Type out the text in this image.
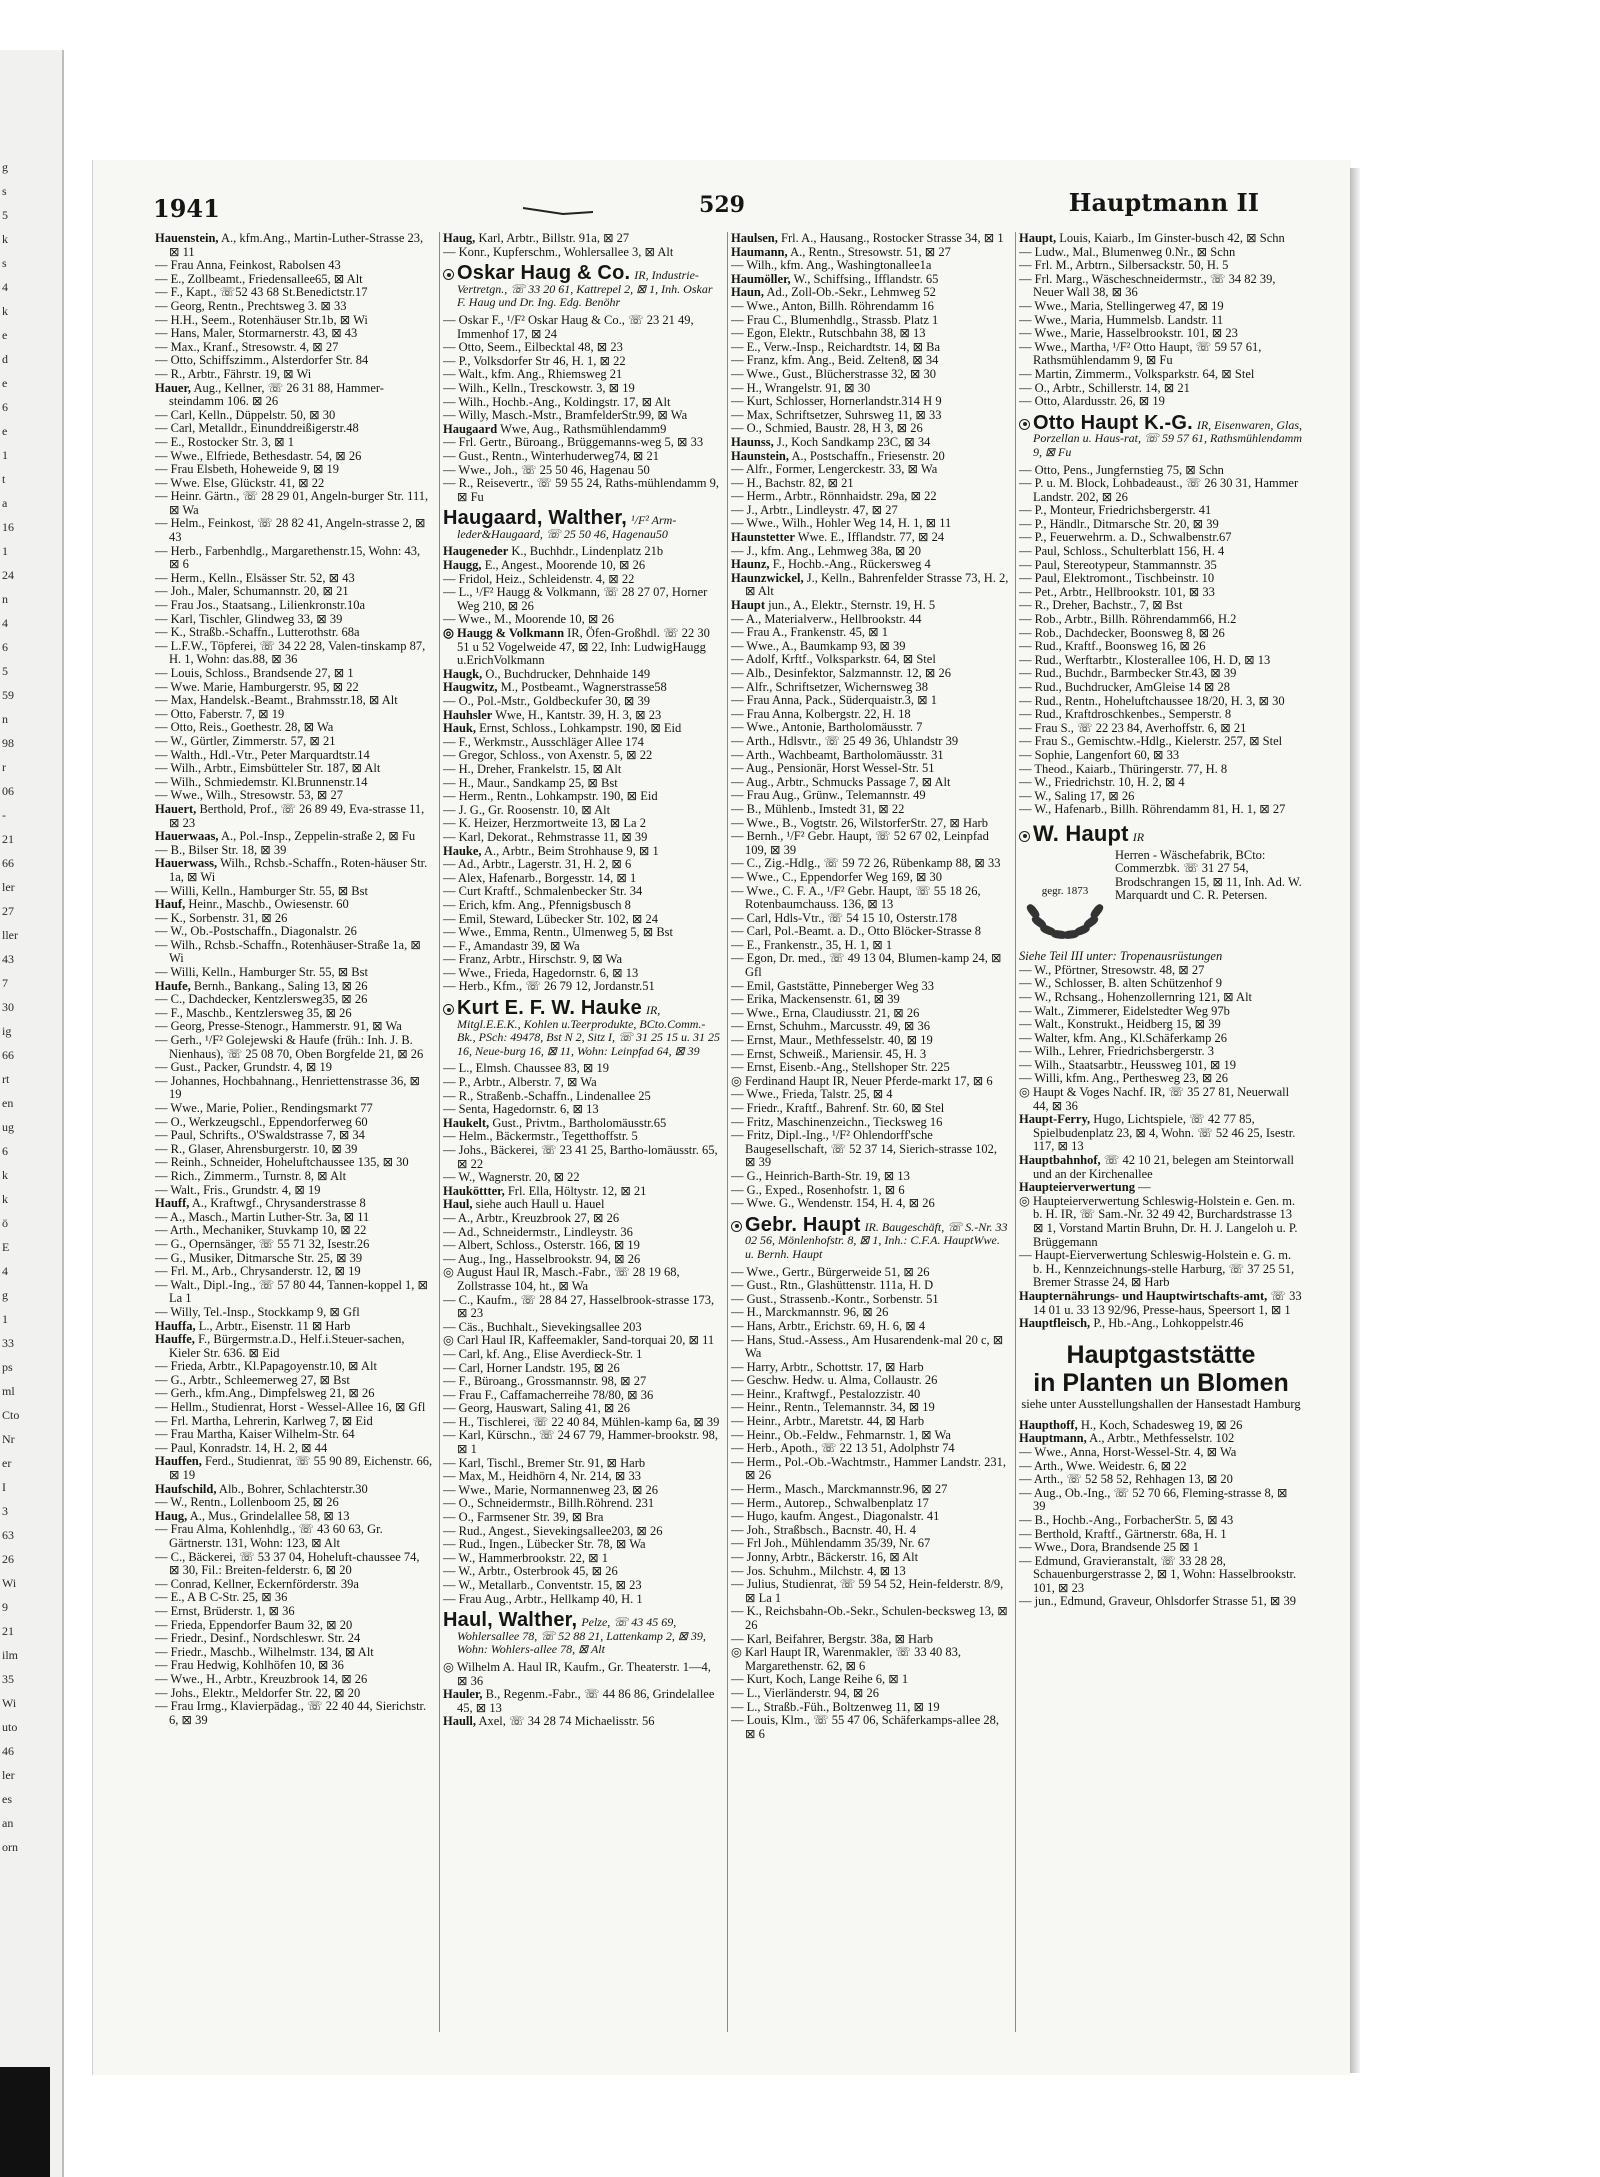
g
s
5
k
s
4
k
e
d
e
6
e
1
t
a
16
1
24
n
4
6
5
59
n
98
r
06
-
21
66
ler
27
ller
43
7
30
ig
66
rt
en
ug
6
k
k
ö
E
4
g
1
33
ps
ml
Cto
Nr
er
I
3
63
26
Wi
9
21
ilm
35
Wi
uto
46
ler
es
an
orn
1941	529	Hauptmann II

Hauenstein, A., kfm.Ang., Martin-Luther-Strasse 23, ⊠ 11

— Frau Anna, Feinkost, Rabolsen 43

— E., Zollbeamt., Friedensallee65, ⊠ Alt

— F., Kapt., ☏52 43 68 St.Benedictstr.17

— Georg, Rentn., Prechtsweg 3. ⊠ 33

— H.H., Seem., Rotenhäuser Str.1b, ⊠ Wi

— Hans, Maler, Stormarnerstr. 43, ⊠ 43

— Max., Kranf., Stresowstr. 4, ⊠ 27

— Otto, Schiffszimm., Alsterdorfer Str. 84

— R., Arbtr., Fährstr. 19, ⊠ Wi

Hauer, Aug., Kellner, ☏ 26 31 88, Hammer-steindamm 106. ⊠ 26

— Carl, Kelln., Düppelstr. 50, ⊠ 30

— Carl, Metalldr., Einunddreißigerstr.48

— E., Rostocker Str. 3, ⊠ 1

— Wwe., Elfriede, Bethesdastr. 54, ⊠ 26

— Frau Elsbeth, Hoheweide 9, ⊠ 19

— Wwe. Else, Glückstr. 41, ⊠ 22

— Heinr. Gärtn., ☏ 28 29 01, Angeln-burger Str. 111, ⊠ Wa

— Helm., Feinkost, ☏ 28 82 41, Angeln-strasse 2, ⊠ 43

— Herb., Farbenhdlg., Margarethenstr.15, Wohn: 43, ⊠ 6

— Herm., Kelln., Elsässer Str. 52, ⊠ 43

— Joh., Maler, Schumannstr. 20, ⊠ 21

— Frau Jos., Staatsang., Lilienkronstr.10a

— Karl, Tischler, Glindweg 33, ⊠ 39

— K., Straßb.-Schaffn., Lutterothstr. 68a

— L.F.W., Töpferei, ☏ 34 22 28, Valen-tinskamp 87, H. 1, Wohn: das.88, ⊠ 36

— Louis, Schloss., Brandsende 27, ⊠ 1

— Wwe. Marie, Hamburgerstr. 95, ⊠ 22

— Max, Handelsk.-Beamt., Brahmsstr.18, ⊠ Alt

— Otto, Faberstr. 7, ⊠ 19

— Otto, Reis., Goethestr. 28, ⊠ Wa

— W., Gürtler, Zimmerstr. 57, ⊠ 21

— Walth., Hdl.-Vtr., Peter Marquardtstr.14

— Wilh., Arbtr., Eimsbütteler Str. 187, ⊠ Alt

— Wilh., Schmiedemstr. Kl.Brunnenstr.14

— Wwe., Wilh., Stresowstr. 53, ⊠ 27

Hauert, Berthold, Prof., ☏ 26 89 49, Eva-strasse 11, ⊠ 23

Hauerwaas, A., Pol.-Insp., Zeppelin-straße 2, ⊠ Fu

— B., Bilser Str. 18, ⊠ 39

Hauerwass, Wilh., Rchsb.-Schaffn., Roten-häuser Str. 1a, ⊠ Wi

— Willi, Kelln., Hamburger Str. 55, ⊠ Bst

Hauf, Heinr., Maschb., Owiesenstr. 60

— K., Sorbenstr. 31, ⊠ 26

— W., Ob.-Postschaffn., Diagonalstr. 26

— Wilh., Rchsb.-Schaffn., Rotenhäuser-Straße 1a, ⊠ Wi

— Willi, Kelln., Hamburger Str. 55, ⊠ Bst

Haufe, Bernh., Bankang., Saling 13, ⊠ 26

— C., Dachdecker, Kentzlersweg35, ⊠ 26

— F., Maschb., Kentzlersweg 35, ⊠ 26

— Georg, Presse-Stenogr., Hammerstr. 91, ⊠ Wa

— Gerh., ¹/F² Golejewski & Haufe (früh.: Inh. J. B. Nienhaus), ☏ 25 08 70, Oben Borgfelde 21, ⊠ 26

— Gust., Packer, Grundstr. 4, ⊠ 19

— Johannes, Hochbahnang., Henriettenstrasse 36, ⊠ 19

— Wwe., Marie, Polier., Rendingsmarkt 77

— O., Werkzeugschl., Eppendorferweg 60

— Paul, Schrifts., O'Swaldstrasse 7, ⊠ 34

— R., Glaser, Ahrensburgerstr. 10, ⊠ 39

— Reinh., Schneider, Hoheluftchaussee 135, ⊠ 30

— Rich., Zimmerm., Turnstr. 8, ⊠ Alt

— Walt., Fris., Grundstr. 4, ⊠ 19

Hauff, A., Kraftwgf., Chrysanderstrasse 8

— A., Masch., Martin Luther-Str. 3a, ⊠ 11

— Arth., Mechaniker, Stuvkamp 10, ⊠ 22

— G., Opernsänger, ☏ 55 71 32, Isestr.26

— G., Musiker, Ditmarsche Str. 25, ⊠ 39

— Frl. M., Arb., Chrysanderstr. 12, ⊠ 19

— Walt., Dipl.-Ing., ☏ 57 80 44, Tannen-koppel 1, ⊠ La 1

— Willy, Tel.-Insp., Stockkamp 9, ⊠ Gfl

Hauffa, L., Arbtr., Eisenstr. 11 ⊠ Harb

Hauffe, F., Bürgermstr.a.D., Helf.i.Steuer-sachen, Kieler Str. 636. ⊠ Eid

— Frieda, Arbtr., Kl.Papagoyenstr.10, ⊠ Alt

— G., Arbtr., Schleemerweg 27, ⊠ Bst

— Gerh., kfm.Ang., Dimpfelsweg 21, ⊠ 26

— Hellm., Studienrat, Horst - Wessel-Allee 16, ⊠ Gfl

— Frl. Martha, Lehrerin, Karlweg 7, ⊠ Eid

— Frau Martha, Kaiser Wilhelm-Str. 64

— Paul, Konradstr. 14, H. 2, ⊠ 44

Hauffen, Ferd., Studienrat, ☏ 55 90 89, Eichenstr. 66, ⊠ 19

Haufschild, Alb., Bohrer, Schlachterstr.30

— W., Rentn., Lollenboom 25, ⊠ 26

Haug, A., Mus., Grindelallee 58, ⊠ 13

— Frau Alma, Kohlenhdlg., ☏ 43 60 63, Gr. Gärtnerstr. 131, Wohn: 123, ⊠ Alt

— C., Bäckerei, ☏ 53 37 04, Hoheluft-chaussee 74, ⊠ 30, Fil.: Breiten-felderstr. 6, ⊠ 20

— Conrad, Kellner, Eckernförderstr. 39a

— E., A B C-Str. 25, ⊠ 36

— Ernst, Brüderstr. 1, ⊠ 36

— Frieda, Eppendorfer Baum 32, ⊠ 20

— Friedr., Desinf., Nordschleswr. Str. 24

— Friedr., Maschb., Wilhelmstr. 134, ⊠ Alt

— Frau Hedwig, Kohlhöfen 10, ⊠ 36

— Wwe., H., Arbtr., Kreuzbrook 14, ⊠ 26

— Johs., Elektr., Meldorfer Str. 22, ⊠ 20

— Frau Irmg., Klavierpädag., ☏ 22 40 44, Sierichstr. 6, ⊠ 39

Haug, Karl, Arbtr., Billstr. 91a, ⊠ 27

— Konr., Kupferschm., Wohlersallee 3, ⊠ Alt

Oskar Haug & Co. IR, Industrie-Vertretgn., ☏ 33 20 61, Kattrepel 2, ⊠ 1, Inh. Oskar F. Haug und Dr. Ing. Edg. Benöhr

— Oskar F., ¹/F² Oskar Haug & Co., ☏ 23 21 49, Immenhof 17, ⊠ 24

— Otto, Seem., Eilbecktal 48, ⊠ 23

— P., Volksdorfer Str 46, H. 1, ⊠ 22

— Walt., kfm. Ang., Rhiemsweg 21

— Wilh., Kelln., Tresckowstr. 3, ⊠ 19

— Wilh., Hochb.-Ang., Koldingstr. 17, ⊠ Alt

— Willy, Masch.-Mstr., BramfelderStr.99, ⊠ Wa

Haugaard Wwe, Aug., Rathsmühlendamm9

— Frl. Gertr., Büroang., Brüggemanns-weg 5, ⊠ 33

— Gust., Rentn., Winterhuderweg74, ⊠ 21

— Wwe., Joh., ☏ 25 50 46, Hagenau 50

— R., Reisevertr., ☏ 59 55 24, Raths-mühlendamm 9, ⊠ Fu

Haugaard, Walther, ¹/F² Arm-leder&Haugaard, ☏ 25 50 46, Hagenau50

Haugeneder K., Buchhdr., Lindenplatz 21b

Haugg, E., Angest., Moorende 10, ⊠ 26

— Fridol, Heiz., Schleidenstr. 4, ⊠ 22

— L., ¹/F² Haugg & Volkmann, ☏ 28 27 07, Horner Weg 210, ⊠ 26

— Wwe., M., Moorende 10, ⊠ 26

◎ Haugg & Volkmann IR, Öfen-Großhdl. ☏ 22 30 51 u 52 Vogelweide 47, ⊠ 22, Inh: LudwigHaugg u.ErichVolkmann

Haugk, O., Buchdrucker, Dehnhaide 149

Haugwitz, M., Postbeamt., Wagnerstrasse58

— O., Pol.-Mstr., Goldbeckufer 30, ⊠ 39

Hauhsler Wwe, H., Kantstr. 39, H. 3, ⊠ 23

Hauk, Ernst, Schloss., Lohkampstr. 190, ⊠ Eid

— F., Werkmstr., Ausschläger Allee 174

— Gregor, Schloss., von Axenstr. 5, ⊠ 22

— H., Dreher, Frankelstr. 15, ⊠ Alt

— H., Maur., Sandkamp 25, ⊠ Bst

— Herm., Rentn., Lohkampstr. 190, ⊠ Eid

— J. G., Gr. Roosenstr. 10, ⊠ Alt

— K. Heizer, Herzmortweite 13, ⊠ La 2

— Karl, Dekorat., Rehmstrasse 11, ⊠ 39

Hauke, A., Arbtr., Beim Strohhause 9, ⊠ 1

— Ad., Arbtr., Lagerstr. 31, H. 2, ⊠ 6

— Alex, Hafenarb., Borgesstr. 14, ⊠ 1

— Curt Kraftf., Schmalenbecker Str. 34

— Erich, kfm. Ang., Pfennigsbusch 8

— Emil, Steward, Lübecker Str. 102, ⊠ 24

— Wwe., Emma, Rentn., Ulmenweg 5, ⊠ Bst

— F., Amandastr 39, ⊠ Wa

— Franz, Arbtr., Hirschstr. 9, ⊠ Wa

— Wwe., Frieda, Hagedornstr. 6, ⊠ 13

— Herb., Kfm., ☏ 26 79 12, Jordanstr.51

Kurt E. F. W. Hauke IR, Mitgl.E.E.K., Kohlen u.Teerprodukte, BCto.Comm.-Bk., PSch: 49478, Bst N 2, Sitz I, ☏ 31 25 15 u. 31 25 16, Neue-burg 16, ⊠ 11, Wohn: Leinpfad 64, ⊠ 39

— L., Elmsh. Chaussee 83, ⊠ 19

— P., Arbtr., Alberstr. 7, ⊠ Wa

— R., Straßenb.-Schaffn., Lindenallee 25

— Senta, Hagedornstr. 6, ⊠ 13

Haukelt, Gust., Privtm., Bartholomäusstr.65

— Helm., Bäckermstr., Tegetthoffstr. 5

— Johs., Bäckerei, ☏ 23 41 25, Bartho-lomäusstr. 65, ⊠ 22

— W., Wagnerstr. 20, ⊠ 22

Hauköttter, Frl. Ella, Höltystr. 12, ⊠ 21

Haul, siehe auch Haull u. Hauel

— A., Arbtr., Kreuzbrook 27, ⊠ 26

— Ad., Schneidermstr., Lindleystr. 36

— Albert, Schloss., Osterstr. 166, ⊠ 19

— Aug., Ing., Hasselbrookstr. 94, ⊠ 26

◎ August Haul IR, Masch.-Fabr., ☏ 28 19 68, Zollstrasse 104, ht., ⊠ Wa

— C., Kaufm., ☏ 28 84 27, Hasselbrook-strasse 173, ⊠ 23

— Cäs., Buchhalt., Sievekingsallee 203

◎ Carl Haul IR, Kaffeemakler, Sand-torquai 20, ⊠ 11

— Carl, kf. Ang., Elise Averdieck-Str. 1

— Carl, Horner Landstr. 195, ⊠ 26

— F., Büroang., Grossmannstr. 98, ⊠ 27

— Frau F., Caffamacherreihe 78/80, ⊠ 36

— Georg, Hauswart, Saling 41, ⊠ 26

— H., Tischlerei, ☏ 22 40 84, Mühlen-kamp 6a, ⊠ 39

— Karl, Kürschn., ☏ 24 67 79, Hammer-brookstr. 98, ⊠ 1

— Karl, Tischl., Bremer Str. 91, ⊠ Harb

— Max, M., Heidhörn 4, Nr. 214, ⊠ 33

— Wwe., Marie, Normannenweg 23, ⊠ 26

— O., Schneidermstr., Billh.Röhrend. 231

— O., Farmsener Str. 39, ⊠ Bra

— Rud., Angest., Sievekingsallee203, ⊠ 26

— Rud., Ingen., Lübecker Str. 78, ⊠ Wa

— W., Hammerbrookstr. 22, ⊠ 1

— W., Arbtr., Osterbrook 45, ⊠ 26

— W., Metallarb., Conventstr. 15, ⊠ 23

— Frau Aug., Arbtr., Hellkamp 40, H. 1

Haul, Walther, Pelze, ☏ 43 45 69, Wohlersallee 78, ☏ 52 88 21, Lattenkamp 2, ⊠ 39, Wohn: Wohlers-allee 78, ⊠ Alt

◎ Wilhelm A. Haul IR, Kaufm., Gr. Theaterstr. 1—4, ⊠ 36

Hauler, B., Regenm.-Fabr., ☏ 44 86 86, Grindelallee 45, ⊠ 13

Haull, Axel, ☏ 34 28 74 Michaelisstr. 56

Haulsen, Frl. A., Hausang., Rostocker Strasse 34, ⊠ 1

Haumann, A., Rentn., Stresowstr. 51, ⊠ 27

— Wilh., kfm. Ang., Washingtonallee1a

Haumöller, W., Schiffsing., Ifflandstr. 65

Haun, Ad., Zoll-Ob.-Sekr., Lehmweg 52

— Wwe., Anton, Billh. Röhrendamm 16

— Frau C., Blumenhdlg., Strassb. Platz 1

— Egon, Elektr., Rutschbahn 38, ⊠ 13

— E., Verw.-Insp., Reichardtstr. 14, ⊠ Ba

— Franz, kfm. Ang., Beid. Zelten8, ⊠ 34

— Wwe., Gust., Blücherstrasse 32, ⊠ 30

— H., Wrangelstr. 91, ⊠ 30

— Kurt, Schlosser, Hornerlandstr.314 H 9

— Max, Schriftsetzer, Suhrsweg 11, ⊠ 33

— O., Schmied, Baustr. 28, H 3, ⊠ 26

Haunss, J., Koch Sandkamp 23C, ⊠ 34

Haunstein, A., Postschaffn., Friesenstr. 20

— Alfr., Former, Lengerckestr. 33, ⊠ Wa

— H., Bachstr. 82, ⊠ 21

— Herm., Arbtr., Rönnhaidstr. 29a, ⊠ 22

— J., Arbtr., Lindleystr. 47, ⊠ 27

— Wwe., Wilh., Hohler Weg 14, H. 1, ⊠ 11

Haunstetter Wwe. E., Ifflandstr. 77, ⊠ 24

— J., kfm. Ang., Lehmweg 38a, ⊠ 20

Haunz, F., Hochb.-Ang., Rückersweg 4

Haunzwickel, J., Kelln., Bahrenfelder Strasse 73, H. 2, ⊠ Alt

Haupt jun., A., Elektr., Sternstr. 19, H. 5

— A., Materialverw., Hellbrookstr. 44

— Frau A., Frankenstr. 45, ⊠ 1

— Wwe., A., Baumkamp 93, ⊠ 39

— Adolf, Krftf., Volksparkstr. 64, ⊠ Stel

— Alb., Desinfektor, Salzmannstr. 12, ⊠ 26

— Alfr., Schriftsetzer, Wichernsweg 38

— Frau Anna, Pack., Süderquaistr.3, ⊠ 1

— Frau Anna, Kolbergstr. 22, H. 18

— Wwe., Antonie, Bartholomäusstr. 7

— Arth., Hdlsvtr., ☏ 25 49 36, Uhlandstr 39

— Arth., Wachbeamt, Bartholomäusstr. 31

— Aug., Pensionär, Horst Wessel-Str. 51

— Aug., Arbtr., Schmucks Passage 7, ⊠ Alt

— Frau Aug., Grünw., Telemannstr. 49

— B., Mühlenb., Imstedt 31, ⊠ 22

— Wwe., B., Vogtstr. 26, WilstorferStr. 27, ⊠ Harb

— Bernh., ¹/F² Gebr. Haupt, ☏ 52 67 02, Leinpfad 109, ⊠ 39

— C., Zig.-Hdlg., ☏ 59 72 26, Rübenkamp 88, ⊠ 33

— Wwe., C., Eppendorfer Weg 169, ⊠ 30

— Wwe., C. F. A., ¹/F² Gebr. Haupt, ☏ 55 18 26, Rotenbaumchauss. 136, ⊠ 13

— Carl, Hdls-Vtr., ☏ 54 15 10, Osterstr.178

— Carl, Pol.-Beamt. a. D., Otto Blöcker-Strasse 8

— E., Frankenstr., 35, H. 1, ⊠ 1

— Egon, Dr. med., ☏ 49 13 04, Blumen-kamp 24, ⊠ Gfl

— Emil, Gaststätte, Pinneberger Weg 33

— Erika, Mackensenstr. 61, ⊠ 39

— Wwe., Erna, Claudiusstr. 21, ⊠ 26

— Ernst, Schuhm., Marcusstr. 49, ⊠ 36

— Ernst, Maur., Methfesselstr. 40, ⊠ 19

— Ernst, Schweiß., Mariensir. 45, H. 3

— Ernst, Eisenb.-Ang., Stellshoper Str. 225

◎ Ferdinand Haupt IR, Neuer Pferde-markt 17, ⊠ 6

— Wwe., Frieda, Talstr. 25, ⊠ 4

— Friedr., Kraftf., Bahrenf. Str. 60, ⊠ Stel

— Fritz, Maschinenzeichn., Tiecksweg 16

— Fritz, Dipl.-Ing., ¹/F² Ohlendorff'sche Baugesellschaft, ☏ 52 37 14, Sierich-strasse 102, ⊠ 39

— G., Heinrich-Barth-Str. 19, ⊠ 13

— G., Exped., Rosenhofstr. 1, ⊠ 6

— Wwe. G., Wendenstr. 154, H. 4, ⊠ 26

Gebr. Haupt IR. Baugeschäft, ☏ S.-Nr. 33 02 56, Mönlenhofstr. 8, ⊠ 1, Inh.: C.F.A. HauptWwe. u. Bernh. Haupt

— Wwe., Gertr., Bürgerweide 51, ⊠ 26

— Gust., Rtn., Glashüttenstr. 111a, H. D

— Gust., Strassenb.-Kontr., Sorbenstr. 51

— H., Marckmannstr. 96, ⊠ 26

— Hans, Arbtr., Erichstr. 69, H. 6, ⊠ 4

— Hans, Stud.-Assess., Am Husarendenk-mal 20 c, ⊠ Wa

— Harry, Arbtr., Schottstr. 17, ⊠ Harb

— Geschw. Hedw. u. Alma, Collaustr. 26

— Heinr., Kraftwgf., Pestalozzistr. 40

— Heinr., Rentn., Telemannstr. 34, ⊠ 19

— Heinr., Arbtr., Maretstr. 44, ⊠ Harb

— Heinr., Ob.-Feldw., Fehmarnstr. 1, ⊠ Wa

— Herb., Apoth., ☏ 22 13 51, Adolphstr 74

— Herm., Pol.-Ob.-Wachtmstr., Hammer Landstr. 231, ⊠ 26

— Herm., Masch., Marckmannstr.96, ⊠ 27

— Herm., Autorep., Schwalbenplatz 17

— Hugo, kaufm. Angest., Diagonalstr. 41

— Joh., Straßbsch., Bacnstr. 40, H. 4

— Frl Joh., Mühlendamm 35/39, Nr. 67

— Jonny, Arbtr., Bäckerstr. 16, ⊠ Alt

— Jos. Schuhm., Milchstr. 4, ⊠ 13

— Julius, Studienrat, ☏ 59 54 52, Hein-felderstr. 8/9, ⊠ La 1

— K., Reichsbahn-Ob.-Sekr., Schulen-becksweg 13, ⊠ 26

— Karl, Beifahrer, Bergstr. 38a, ⊠ Harb

◎ Karl Haupt IR, Warenmakler, ☏ 33 40 83, Margarethenstr. 62, ⊠ 6

— Kurt, Koch, Lange Reihe 6, ⊠ 1

— L., Vierländerstr. 94, ⊠ 26

— L., Straßb.-Füh., Boltzenweg 11, ⊠ 19

— Louis, Klm., ☏ 55 47 06, Schäferkamps-allee 28, ⊠ 6

Haupt, Louis, Kaiarb., Im Ginster-busch 42, ⊠ Schn

— Ludw., Mal., Blumenweg 0.Nr., ⊠ Schn

— Frl. M., Arbtrn., Silbersackstr. 50, H. 5

— Frl. Marg., Wäscheschneidermstr., ☏ 34 82 39, Neuer Wall 38, ⊠ 36

— Wwe., Maria, Stellingerweg 47, ⊠ 19

— Wwe., Maria, Hummelsb. Landstr. 11

— Wwe., Marie, Hasselbrookstr. 101, ⊠ 23

— Wwe., Martha, ¹/F² Otto Haupt, ☏ 59 57 61, Rathsmühlendamm 9, ⊠ Fu

— Martin, Zimmerm., Volksparkstr. 64, ⊠ Stel

— O., Arbtr., Schillerstr. 14, ⊠ 21

— Otto, Alardusstr. 26, ⊠ 19

Otto Haupt K.-G. IR, Eisenwaren, Glas, Porzellan u. Haus-rat, ☏ 59 57 61, Rathsmühlendamm 9, ⊠ Fu

— Otto, Pens., Jungfernstieg 75, ⊠ Schn

— P. u. M. Block, Lohbadeaust., ☏ 26 30 31, Hammer Landstr. 202, ⊠ 26

— P., Monteur, Friedrichsbergerstr. 41

— P., Händlr., Ditmarsche Str. 20, ⊠ 39

— P., Feuerwehrm. a. D., Schwalbenstr.67

— Paul, Schloss., Schulterblatt 156, H. 4

— Paul, Stereotypeur, Stammannstr. 35

— Paul, Elektromont., Tischbeinstr. 10

— Pet., Arbtr., Hellbrookstr. 101, ⊠ 33

— R., Dreher, Bachstr., 7, ⊠ Bst

— Rob., Arbtr., Billh. Röhrendamm66, H.2

— Rob., Dachdecker, Boonsweg 8, ⊠ 26

— Rud., Kraftf., Boonsweg 16, ⊠ 26

— Rud., Werftarbtr., Klosterallee 106, H. D, ⊠ 13

— Rud., Buchdr., Barmbecker Str.43, ⊠ 39

— Rud., Buchdrucker, AmGleise 14 ⊠ 28

— Rud., Rentn., Hoheluftchaussee 18/20, H. 3, ⊠ 30

— Rud., Kraftdroschkenbes., Semperstr. 8

— Frau S., ☏ 22 23 84, Averhoffstr. 6, ⊠ 21

— Frau S., Gemischtw.-Hdlg., Kielerstr. 257, ⊠ Stel

— Sophie, Langenfort 60, ⊠ 33

— Theod., Kaiarb., Thüringerstr. 77, H. 8

— W., Friedrichstr. 10, H. 2, ⊠ 4

— W., Saling 17, ⊠ 26

— W., Hafenarb., Billh. Röhrendamm 81, H. 1, ⊠ 27

W. Haupt IR

gegr. 1873
Herren - Wäschefabrik, BCto: Commerzbk. ☏ 31 27 54, Brodschrangen 15, ⊠ 11, Inh. Ad. W. Marquardt und C. R. Petersen.

Siehe Teil III unter: Tropenausrüstungen

— W., Pförtner, Stresowstr. 48, ⊠ 27

— W., Schlosser, B. alten Schützenhof 9

— W., Rchsang., Hohenzollernring 121, ⊠ Alt

— Walt., Zimmerer, Eidelstedter Weg 97b

— Walt., Konstrukt., Heidberg 15, ⊠ 39

— Walter, kfm. Ang., Kl.Schäferkamp 26

— Wilh., Lehrer, Friedrichsbergerstr. 3

— Wilh., Staatsarbtr., Heussweg 101, ⊠ 19

— Willi, kfm. Ang., Perthesweg 23, ⊠ 26

◎ Haupt & Voges Nachf. IR, ☏ 35 27 81, Neuerwall 44, ⊠ 36

Haupt-Ferry, Hugo, Lichtspiele, ☏ 42 77 85, Spielbudenplatz 23, ⊠ 4, Wohn. ☏ 52 46 25, Isestr. 117, ⊠ 13

Hauptbahnhof, ☏ 42 10 21, belegen am Steintorwall und an der Kirchenallee

Haupteierverwertung —

◎ Haupteierverwertung Schleswig-Holstein e. Gen. m. b. H. IR, ☏ Sam.-Nr. 32 49 42, Burchardstrasse 13 ⊠ 1, Vorstand Martin Bruhn, Dr. H. J. Langeloh u. P. Brüggemann

— Haupt-Eierverwertung Schleswig-Holstein e. G. m. b. H., Kennzeichnungs-stelle Harburg, ☏ 37 25 51, Bremer Strasse 24, ⊠ Harb

Haupternährungs- und Hauptwirtschafts-amt, ☏ 33 14 01 u. 33 13 92/96, Presse-haus, Speersort 1, ⊠ 1

Hauptfleisch, P., Hb.-Ang., Lohkoppelstr.46

Hauptgaststätte
in Planten un Blomen
siehe unter Ausstellungshallen der Hansestadt Hamburg

Haupthoff, H., Koch, Schadesweg 19, ⊠ 26

Hauptmann, A., Arbtr., Methfesselstr. 102

— Wwe., Anna, Horst-Wessel-Str. 4, ⊠ Wa

— Arth., Wwe. Weidestr. 6, ⊠ 22

— Arth., ☏ 52 58 52, Rehhagen 13, ⊠ 20

— Aug., Ob.-Ing., ☏ 52 70 66, Fleming-strasse 8, ⊠ 39

— B., Hochb.-Ang., ForbacherStr. 5, ⊠ 43

— Berthold, Kraftf., Gärtnerstr. 68a, H. 1

— Wwe., Dora, Brandsende 25 ⊠ 1

— Edmund, Gravieranstalt, ☏ 33 28 28, Schauenburgerstrasse 2, ⊠ 1, Wohn: Hasselbrookstr. 101, ⊠ 23

— jun., Edmund, Graveur, Ohlsdorfer Strasse 51, ⊠ 39
